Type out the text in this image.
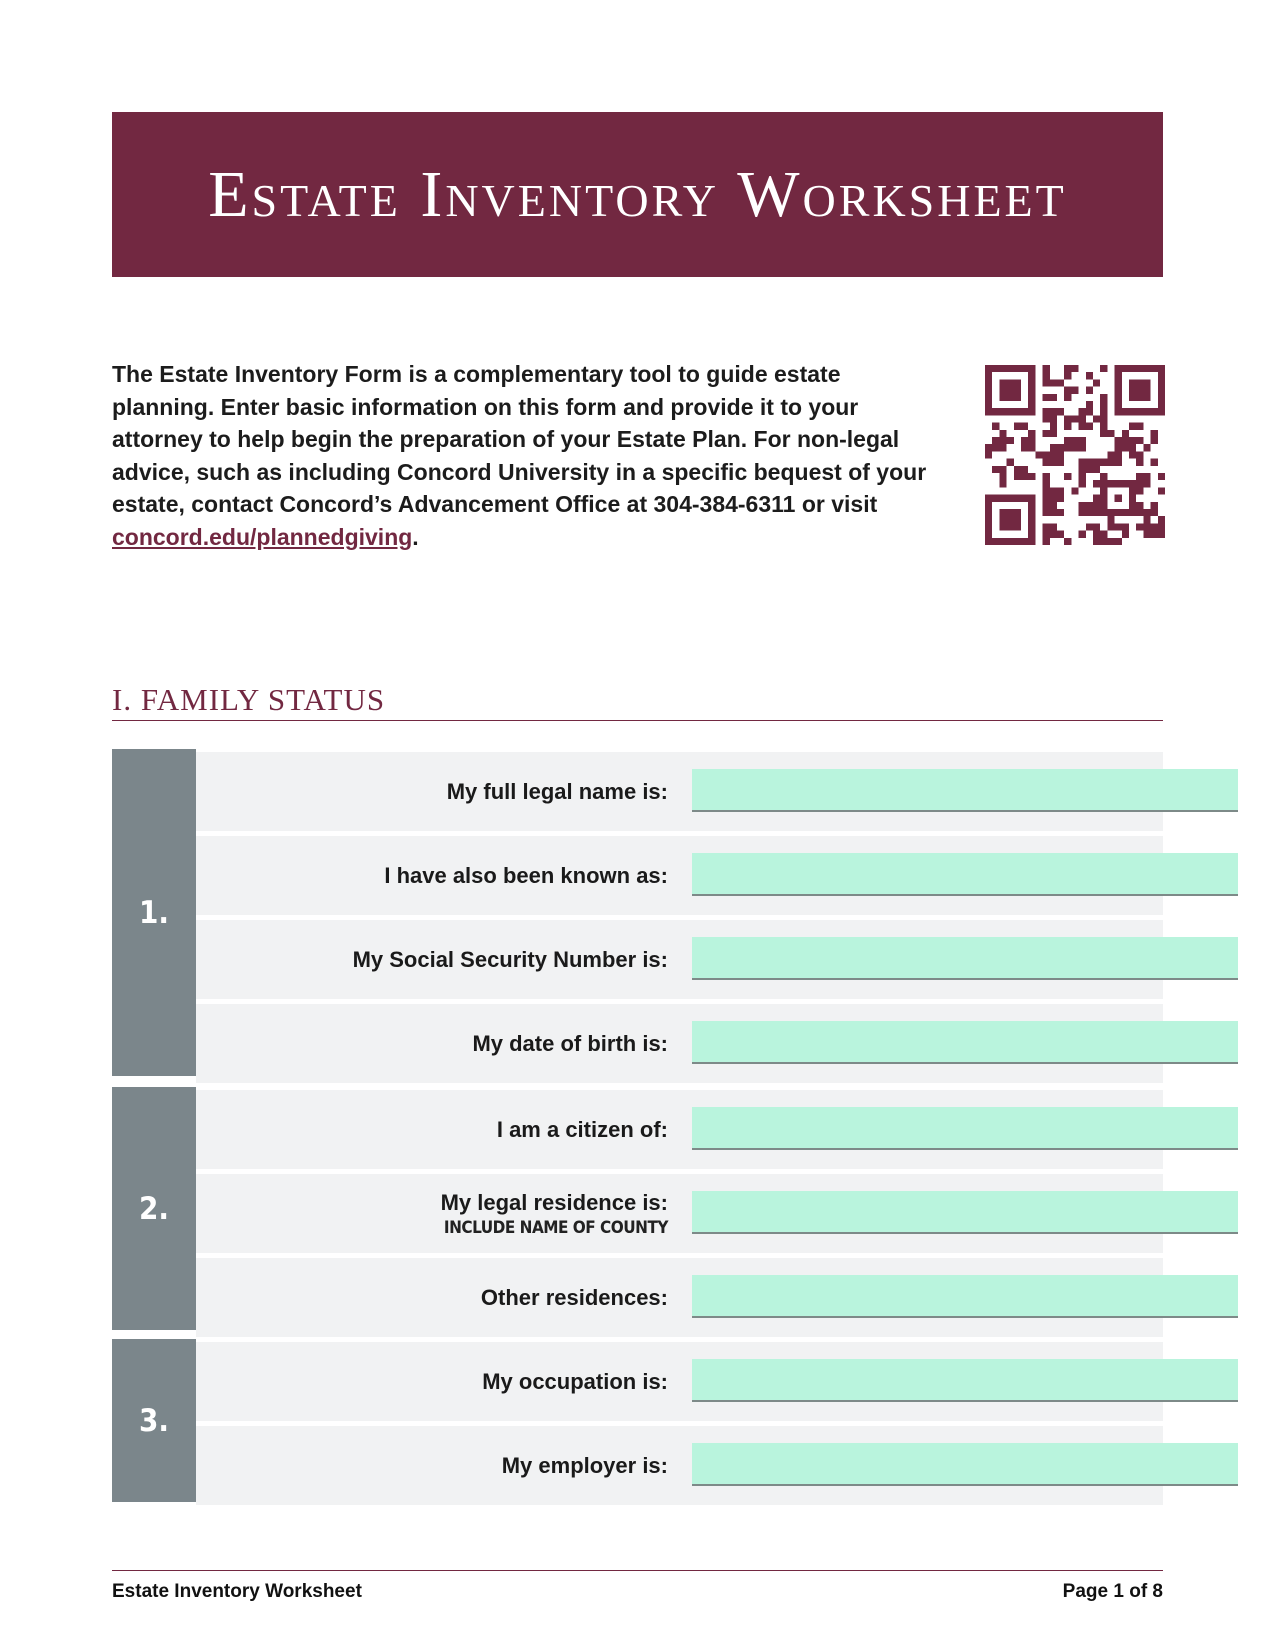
Estate Inventory Worksheet
The Estate Inventory Form is a complementary tool to guide estate planning. Enter basic information on this form and provide it to your attorney to help begin the preparation of your Estate Plan. For non-legal advice, such as including Concord University in a specific bequest of your estate, contact Concord’s Advancement Office at 304-384-6311 or visit concord.edu/plannedgiving.
I. FAMILY STATUS
1.
My full legal name is:
I have also been known as:
My Social Security Number is:
My date of birth is:
2.
I am a citizen of:
My legal residence is:
INCLUDE NAME OF COUNTY
Other residences:
3.
My occupation is:
My employer is:
Estate Inventory Worksheet	Page 1 of 8
